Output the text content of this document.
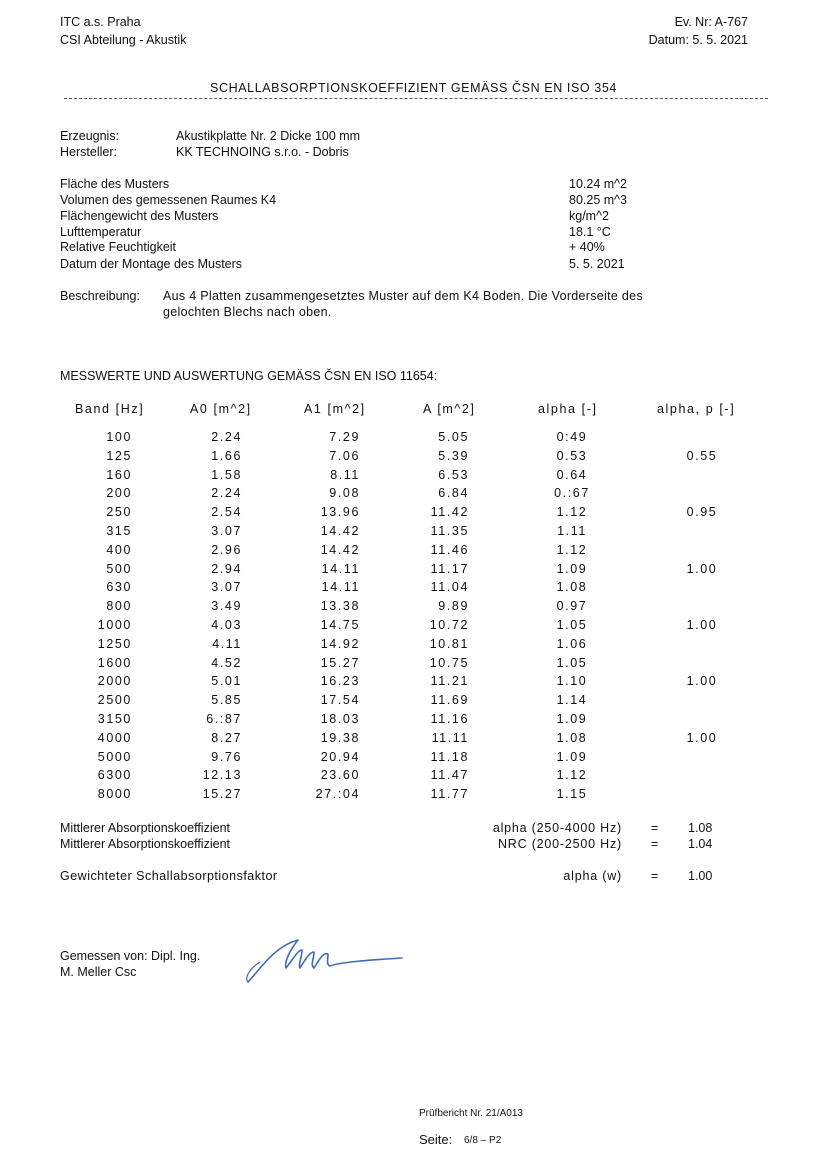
ITC a.s. Praha
CSI Abteilung - Akustik
Ev. Nr: A-767
Datum: 5. 5. 2021
SCHALLABSORPTIONSKOEFFIZIENT GEMÄSS ČSN EN ISO 354
Erzeugnis:	Akustikplatte Nr. 2 Dicke 100 mm
Hersteller:	KK TECHNOING s.r.o. - Dobris
Fläche des Musters	10.24 m^2
Volumen des gemessenen Raumes K4	80.25 m^3
Flächengewicht des Musters	kg/m^2
Lufttemperatur	18.1 °C
Relative Feuchtigkeit	+ 40%
Datum der Montage des Musters	5. 5. 2021
Beschreibung: Aus 4 Platten zusammengesetztes Muster auf dem K4 Boden. Die Vorderseite des
gelochten Blechs nach oben.
MESSWERTE UND AUSWERTUNG GEMÄSS ČSN EN ISO 11654:
Band [Hz]	A0 [m^2]	A1 [m^2]	A [m^2]	alpha [-]	alpha, p [-]
100	2.24	7.29	5.05	0:49
125	1.66	7.06	5.39	0.53	0.55
160	1.58	8.11	6.53	0.64
200	2.24	9.08	6.84	0.:67
250	2.54	13.96	11.42	1.12	0.95
315	3.07	14.42	11.35	1.11
400	2.96	14.42	11.46	1.12
500	2.94	14.11	11.17	1.09	1.00
630	3.07	14.11	11.04	1.08
800	3.49	13.38	9.89	0.97
1000	4.03	14.75	10.72	1.05	1.00
1250	4.11	14.92	10.81	1.06
1600	4.52	15.27	10.75	1.05
2000	5.01	16.23	11.21	1.10	1.00
2500	5.85	17.54	11.69	1.14
3150	6.:87	18.03	11.16	1.09
4000	8.27	19.38	11.11	1.08	1.00
5000	9.76	20.94	11.18	1.09
6300	12.13	23.60	11.47	1.12
8000	15.27	27.:04	11.77	1.15
Mittlerer Absorptionskoeffizient	alpha (250-4000 Hz) = 1.08
Mittlerer Absorptionskoeffizient	NRC (200-2500 Hz) = 1.04
Gewichteter Schallabsorptionsfaktor	alpha (w) = 1.00
Gemessen von: Dipl. Ing.
M. Meller Csc
Prüfbericht Nr. 21/A013
Seite: 6/8 – P2
